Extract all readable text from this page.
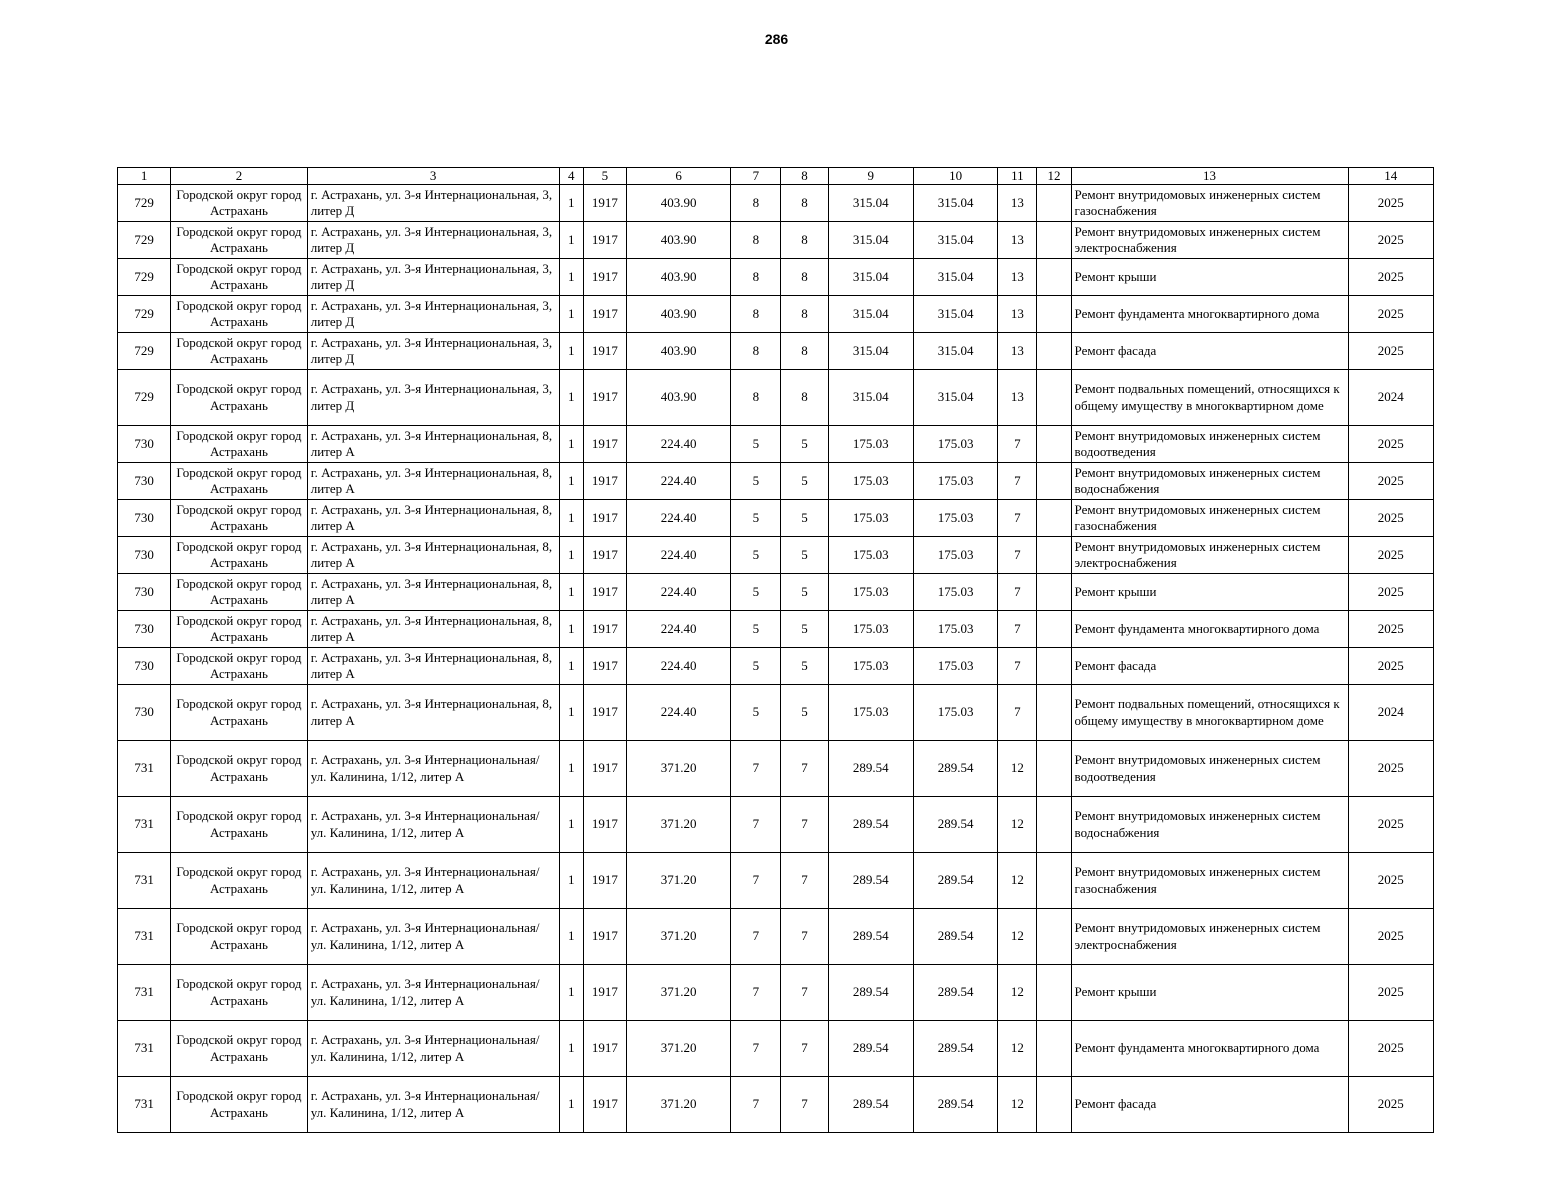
286
1	2	3	4	5	6	7	8	9	10	11	12	13	14
729	Городской округ город Астрахань	г. Астрахань, ул. 3-я Интернациональная, 3, литер Д	1	1917	403.90	8	8	315.04	315.04	13		Ремонт внутридомовых инженерных систем газоснабжения	2025
729	Городской округ город Астрахань	г. Астрахань, ул. 3-я Интернациональная, 3, литер Д	1	1917	403.90	8	8	315.04	315.04	13		Ремонт внутридомовых инженерных систем электроснабжения	2025
729	Городской округ город Астрахань	г. Астрахань, ул. 3-я Интернациональная, 3, литер Д	1	1917	403.90	8	8	315.04	315.04	13		Ремонт крыши	2025
729	Городской округ город Астрахань	г. Астрахань, ул. 3-я Интернациональная, 3, литер Д	1	1917	403.90	8	8	315.04	315.04	13		Ремонт фундамента многоквартирного дома	2025
729	Городской округ город Астрахань	г. Астрахань, ул. 3-я Интернациональная, 3, литер Д	1	1917	403.90	8	8	315.04	315.04	13		Ремонт фасада	2025
729	Городской округ город Астрахань	г. Астрахань, ул. 3-я Интернациональная, 3, литер Д	1	1917	403.90	8	8	315.04	315.04	13		Ремонт подвальных помещений, относящихся к общему имуществу в многоквартирном доме	2024
730	Городской округ город Астрахань	г. Астрахань, ул. 3-я Интернациональная, 8, литер А	1	1917	224.40	5	5	175.03	175.03	7		Ремонт внутридомовых инженерных систем водоотведения	2025
730	Городской округ город Астрахань	г. Астрахань, ул. 3-я Интернациональная, 8, литер А	1	1917	224.40	5	5	175.03	175.03	7		Ремонт внутридомовых инженерных систем водоснабжения	2025
730	Городской округ город Астрахань	г. Астрахань, ул. 3-я Интернациональная, 8, литер А	1	1917	224.40	5	5	175.03	175.03	7		Ремонт внутридомовых инженерных систем газоснабжения	2025
730	Городской округ город Астрахань	г. Астрахань, ул. 3-я Интернациональная, 8, литер А	1	1917	224.40	5	5	175.03	175.03	7		Ремонт внутридомовых инженерных систем электроснабжения	2025
730	Городской округ город Астрахань	г. Астрахань, ул. 3-я Интернациональная, 8, литер А	1	1917	224.40	5	5	175.03	175.03	7		Ремонт крыши	2025
730	Городской округ город Астрахань	г. Астрахань, ул. 3-я Интернациональная, 8, литер А	1	1917	224.40	5	5	175.03	175.03	7		Ремонт фундамента многоквартирного дома	2025
730	Городской округ город Астрахань	г. Астрахань, ул. 3-я Интернациональная, 8, литер А	1	1917	224.40	5	5	175.03	175.03	7		Ремонт фасада	2025
730	Городской округ город Астрахань	г. Астрахань, ул. 3-я Интернациональная, 8, литер А	1	1917	224.40	5	5	175.03	175.03	7		Ремонт подвальных помещений, относящихся к общему имуществу в многоквартирном доме	2024
731	Городской округ город Астрахань	г. Астрахань, ул. 3-я Интернациональная/ ул. Калинина, 1/12, литер А	1	1917	371.20	7	7	289.54	289.54	12		Ремонт внутридомовых инженерных систем водоотведения	2025
731	Городской округ город Астрахань	г. Астрахань, ул. 3-я Интернациональная/ ул. Калинина, 1/12, литер А	1	1917	371.20	7	7	289.54	289.54	12		Ремонт внутридомовых инженерных систем водоснабжения	2025
731	Городской округ город Астрахань	г. Астрахань, ул. 3-я Интернациональная/ ул. Калинина, 1/12, литер А	1	1917	371.20	7	7	289.54	289.54	12		Ремонт внутридомовых инженерных систем газоснабжения	2025
731	Городской округ город Астрахань	г. Астрахань, ул. 3-я Интернациональная/ ул. Калинина, 1/12, литер А	1	1917	371.20	7	7	289.54	289.54	12		Ремонт внутридомовых инженерных систем электроснабжения	2025
731	Городской округ город Астрахань	г. Астрахань, ул. 3-я Интернациональная/ ул. Калинина, 1/12, литер А	1	1917	371.20	7	7	289.54	289.54	12		Ремонт крыши	2025
731	Городской округ город Астрахань	г. Астрахань, ул. 3-я Интернациональная/ ул. Калинина, 1/12, литер А	1	1917	371.20	7	7	289.54	289.54	12		Ремонт фундамента многоквартирного дома	2025
731	Городской округ город Астрахань	г. Астрахань, ул. 3-я Интернациональная/ ул. Калинина, 1/12, литер А	1	1917	371.20	7	7	289.54	289.54	12		Ремонт фасада	2025
